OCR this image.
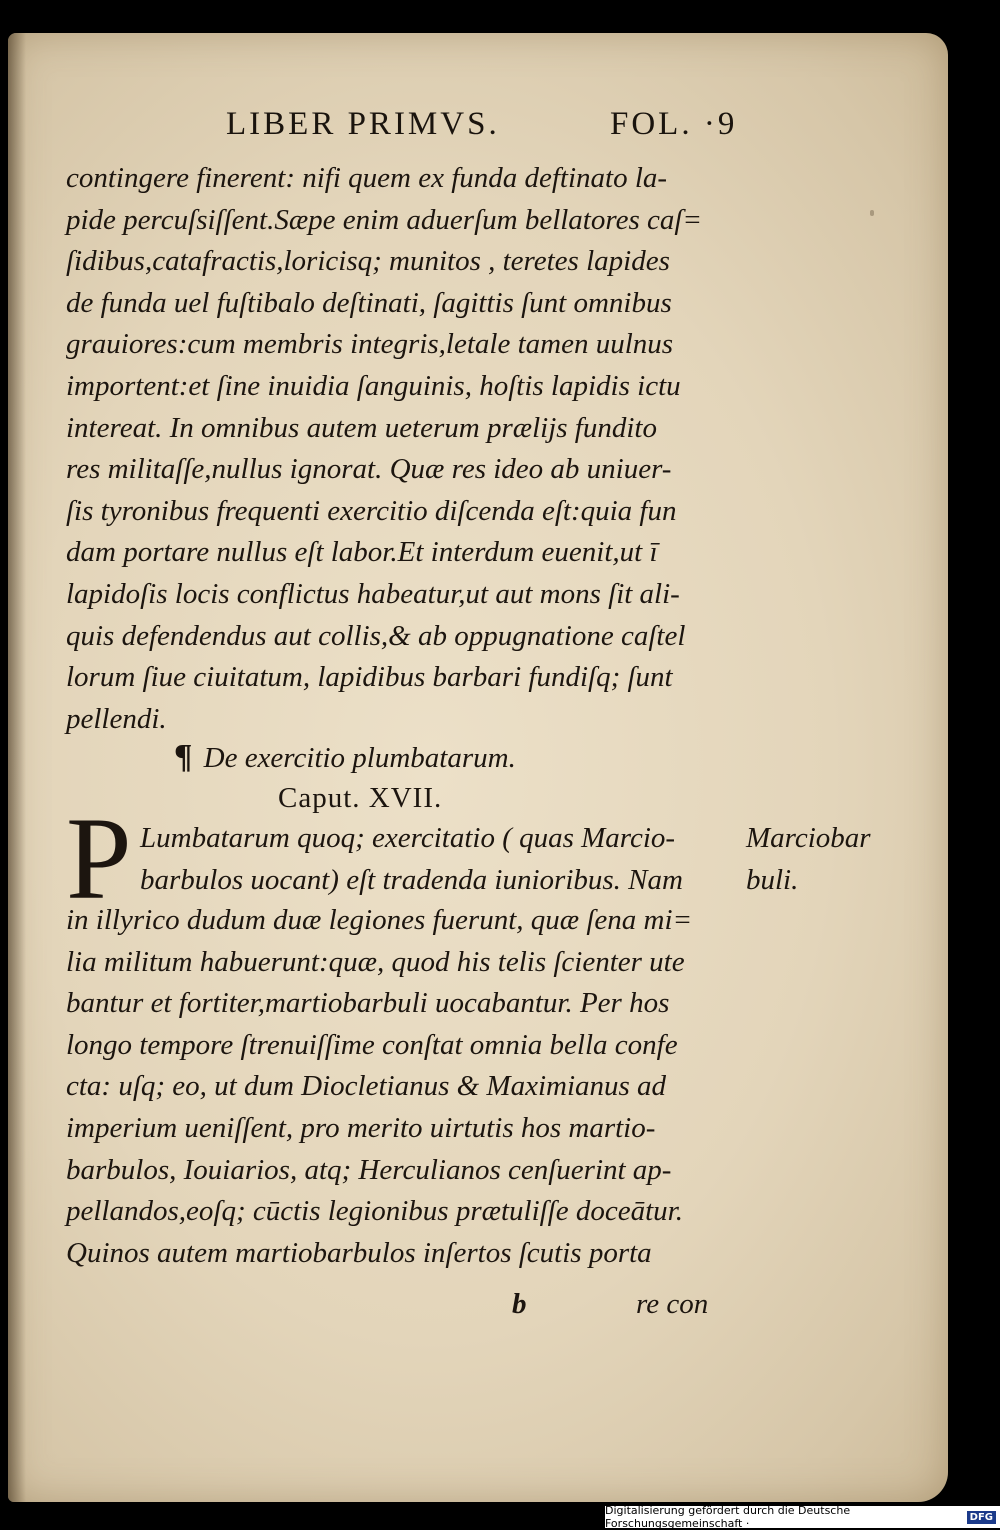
LIBER PRIMVS.	FOL. ·9
contingere finerent: nifi quem ex funda deftinato la-
pide percuſsiſſent.Sæpe enim aduerſum bellatores caſ=
ſidibus,catafractis,loricisq; munitos , teretes lapides
de funda uel fuſtibalo deſtinati, ſagittis ſunt omnibus
grauiores:cum membris integris,letale tamen uulnus
importent:et ſine inuidia ſanguinis, hoſtis lapidis ictu
intereat. In omnibus autem ueterum prælijs fundito
res militaſſe,nullus ignorat. Quæ res ideo ab uniuer-
ſis tyronibus frequenti exercitio diſcenda eſt:quia fun
dam portare nullus eſt labor.Et interdum euenit,ut ī
lapidoſis locis conflictus habeatur,ut aut mons ſit ali-
quis defendendus aut collis,& ab oppugnatione caſtel
lorum ſiue ciuitatum, lapidibus barbari fundiſq; ſunt
pellendi.
¶ De exercitio plumbatarum.
Caput. XVII.
P Lumbatarum quoq; exercitatio ( quas Marcio-
barbulos uocant) eſt tradenda iunioribus. Nam
Marciobar
buli.
in illyrico dudum duæ legiones fuerunt, quæ ſena mi=
lia militum habuerunt:quæ, quod his telis ſcienter ute
bantur et fortiter,martiobarbuli uocabantur. Per hos
longo tempore ſtrenuiſſime conſtat omnia bella confe
cta: uſq; eo, ut dum Diocletianus & Maximianus ad
imperium ueniſſent, pro merito uirtutis hos martio-
barbulos, Iouiarios, atq; Herculianos cenſuerint ap-
pellandos,eoſq; cūctis legionibus prætuliſſe doceātur.
Quinos autem martiobarbulos inſertos ſcutis porta
b	re con
Digitalisierung gefördert durch die Deutsche Forschungsgemeinschaft ·	DFG
